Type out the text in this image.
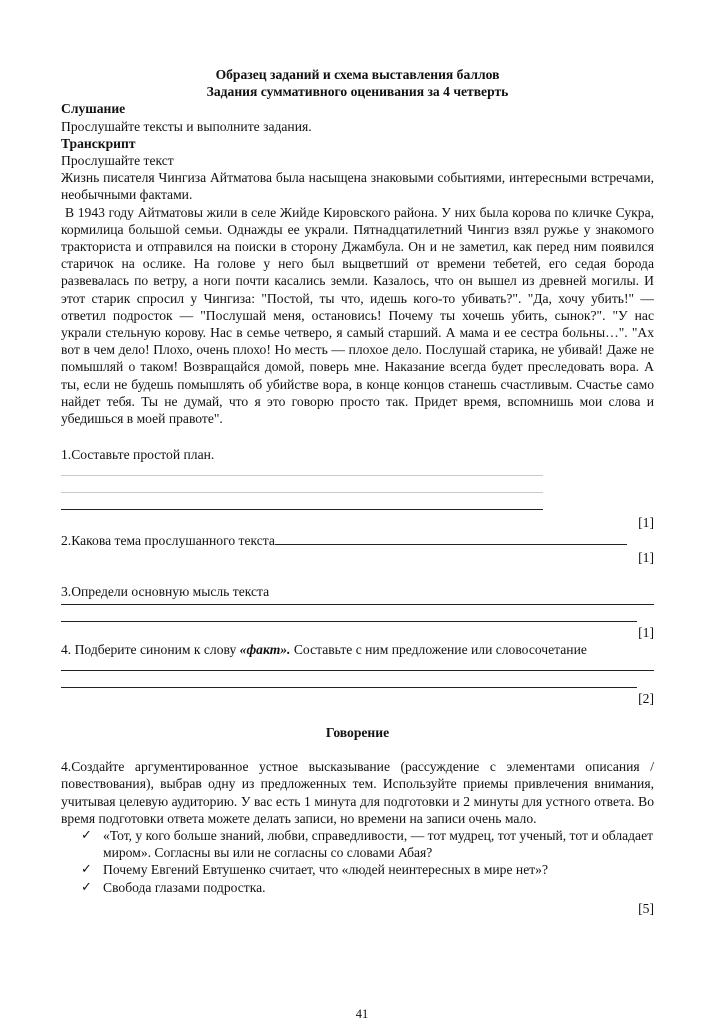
Образец заданий и схема выставления баллов

Задания суммативного оценивания за 4 четверть

Слушание

Прослушайте тексты и выполните задания.

Транскрипт

Прослушайте текст

Жизнь писателя Чингиза Айтматова была насыщена знаковыми событиями, интересными встречами, необычными фактами.

В 1943 году Айтматовы жили в селе Жийде Кировского района. У них была корова по кличке Сукра, кормилица большой семьи. Однажды ее украли. Пятнадцатилетний Чингиз взял ружье у знакомого тракториста и отправился на поиски в сторону Джамбула. Он и не заметил, как перед ним появился старичок на ослике. На голове у него был выцветший от времени тебетей, его седая борода развевалась по ветру, а ноги почти касались земли. Казалось, что он вышел из древней могилы. И этот старик спросил у Чингиза: "Постой, ты что, идешь кого-то убивать?". "Да, хочу убить!" — ответил подросток — "Послушай меня, остановись! Почему ты хочешь убить, сынок?". "У нас украли стельную корову. Нас в семье четверо, я самый старший. А мама и ее сестра больны…". "Ах вот в чем дело! Плохо, очень плохо! Но месть — плохое дело. Послушай старика, не убивай! Даже не помышляй о таком! Возвращайся домой, поверь мне. Наказание всегда будет преследовать вора. А ты, если не будешь помышлять об убийстве вора, в конце концов станешь счастливым. Счастье само найдет тебя. Ты не думай, что я это говорю просто так. Придет время, вспомнишь мои слова и убедишься в моей правоте".

1.Составьте простой план.

[1]

2.Какова тема прослушанного текста

[1]

3.Определи основную мысль текста

[1]

4. Подберите синоним к слову «факт». Составьте с ним предложение или словосочетание

[2]

Говорение

4.Создайте аргументированное устное высказывание (рассуждение с элементами описания / повествования), выбрав одну из предложенных тем. Используйте приемы привлечения внимания, учитывая целевую аудиторию. У вас есть 1 минута для подготовки и 2 минуты для устного ответа. Во время подготовки ответа можете делать записи, но времени на записи очень мало.

✓ «Тот, у кого больше знаний, любви, справедливости, — тот мудрец, тот ученый, тот и обладает миром». Согласны вы или не согласны со словами Абая?
✓ Почему Евгений Евтушенко считает, что «людей неинтересных в мире нет»?
✓ Свобода глазами подростка.

[5]

41
